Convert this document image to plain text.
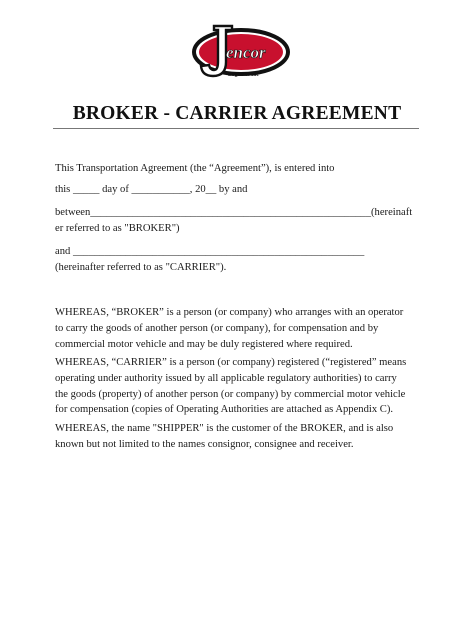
encor
Logistics Inc
BROKER - CARRIER AGREEMENT
This Transportation Agreement (the “Agreement”), is entered into
this _____ day of ___________, 20__ by and
between_____________________________________________________(hereinaft
er referred to as "BROKER")
and _______________________________________________________
(hereinafter referred to as "CARRIER").
WHEREAS, “BROKER” is a person (or company) who arranges with an operator
to carry the goods of another person (or company), for compensation and by
commercial motor vehicle and may be duly registered where required.
WHEREAS, “CARRIER” is a person (or company) registered (“registered” means
operating under authority issued by all applicable regulatory authorities) to carry
the goods (property) of another person (or company) by commercial motor vehicle
for compensation (copies of Operating Authorities are attached as Appendix C).
WHEREAS, the name "SHIPPER" is the customer of the BROKER, and is also
known but not limited to the names consignor, consignee and receiver.
